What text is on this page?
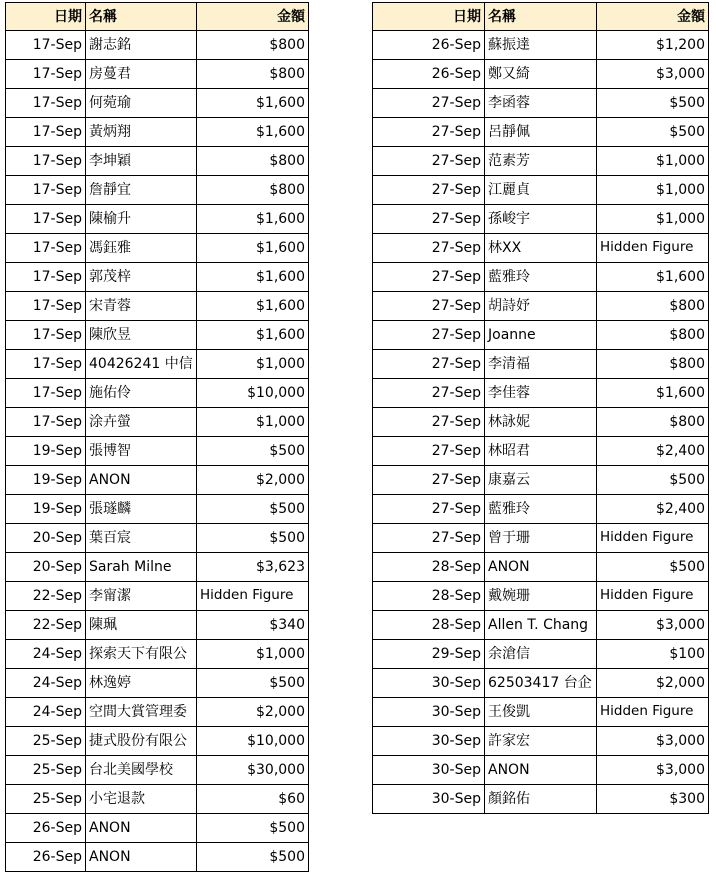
日期	名稱	金額
17-Sep	謝志銘	$800
17-Sep	房蔓君	$800
17-Sep	何菀瑜	$1,600
17-Sep	黃炳翔	$1,600
17-Sep	李坤穎	$800
17-Sep	詹靜宜	$800
17-Sep	陳榆升	$1,600
17-Sep	馮鈺雅	$1,600
17-Sep	郭茂梓	$1,600
17-Sep	宋青蓉	$1,600
17-Sep	陳欣昱	$1,600
17-Sep	40426241 中信	$1,000
17-Sep	施佑伶	$10,000
17-Sep	涂卉螢	$1,000
19-Sep	張博智	$500
19-Sep	ANON	$2,000
19-Sep	張璲麟	$500
20-Sep	葉百宸	$500
20-Sep	Sarah Milne	$3,623
22-Sep	李甯潔	Hidden Figure
22-Sep	陳珮	$340
24-Sep	探索天下有限公	$1,000
24-Sep	林逸婷	$500
24-Sep	空間大賞管理委	$2,000
25-Sep	捷式股份有限公	$10,000
25-Sep	台北美國學校	$30,000
25-Sep	小宅退款	$60
26-Sep	ANON	$500
26-Sep	ANON	$500
日期	名稱	金額
26-Sep	蘇振達	$1,200
26-Sep	鄭又綺	$3,000
27-Sep	李函蓉	$500
27-Sep	呂靜佩	$500
27-Sep	范素芳	$1,000
27-Sep	江麗貞	$1,000
27-Sep	孫峻宇	$1,000
27-Sep	林XX	Hidden Figure
27-Sep	藍雅玲	$1,600
27-Sep	胡詩妤	$800
27-Sep	Joanne	$800
27-Sep	李清福	$800
27-Sep	李佳蓉	$1,600
27-Sep	林詠妮	$800
27-Sep	林昭君	$2,400
27-Sep	康嘉云	$500
27-Sep	藍雅玲	$2,400
27-Sep	曾于珊	Hidden Figure
28-Sep	ANON	$500
28-Sep	戴婉珊	Hidden Figure
28-Sep	Allen T. Chang	$3,000
29-Sep	余滄信	$100
30-Sep	62503417 台企	$2,000
30-Sep	王俊凱	Hidden Figure
30-Sep	許家宏	$3,000
30-Sep	ANON	$3,000
30-Sep	顏銘佑	$300
